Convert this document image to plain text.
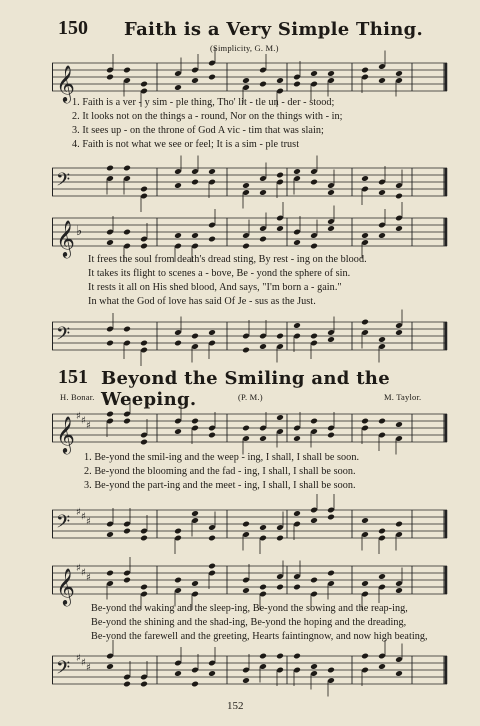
150 Faith is a Very Simple Thing.
(Simplicity, G. M.)
𝄞
1. Faith is a ver - y sim - ple thing, Tho' lit - tle un - der - stood;
2. It looks not on the things a - round, Nor on the things with - in;
3. It sees up - on the throne of God A vic - tim that was slain;
4. Faith is not what we see or feel; It is a sim - ple trust
𝄢
𝄞 ♭
It frees the soul from death's dread sting, By rest - ing on the blood.
It takes its flight to scenes a - bove, Be - yond the sphere of sin.
It rests it all on His shed blood, And says, "I'm born a - gain."
In what the God of love has said Of Je - sus as the Just.
𝄢
151 Beyond the Smiling and the Weeping.
H. Bonar.	(P. M.)	M. Taylor.
𝄞 ♯ ♯ ♯
1. Be-yond the smil-ing and the weep - ing, I shall, I shall be soon.
2. Be-yond the blooming and the fad - ing, I shall, I shall be soon.
3. Be-yond the part-ing and the meet - ing, I shall, I shall be soon.
𝄢 ♯ ♯ ♯
𝄞 ♯ ♯ ♯
Be-yond the waking and the sleep-ing, Be-yond the sowing and the reap-ing,
Be-yond the shining and the shad-ing, Be-yond the hoping and the dreading,
Be-yond the farewell and the greeting, Hearts faintingnow, and now high beating,
𝄢 ♯ ♯ ♯
152
